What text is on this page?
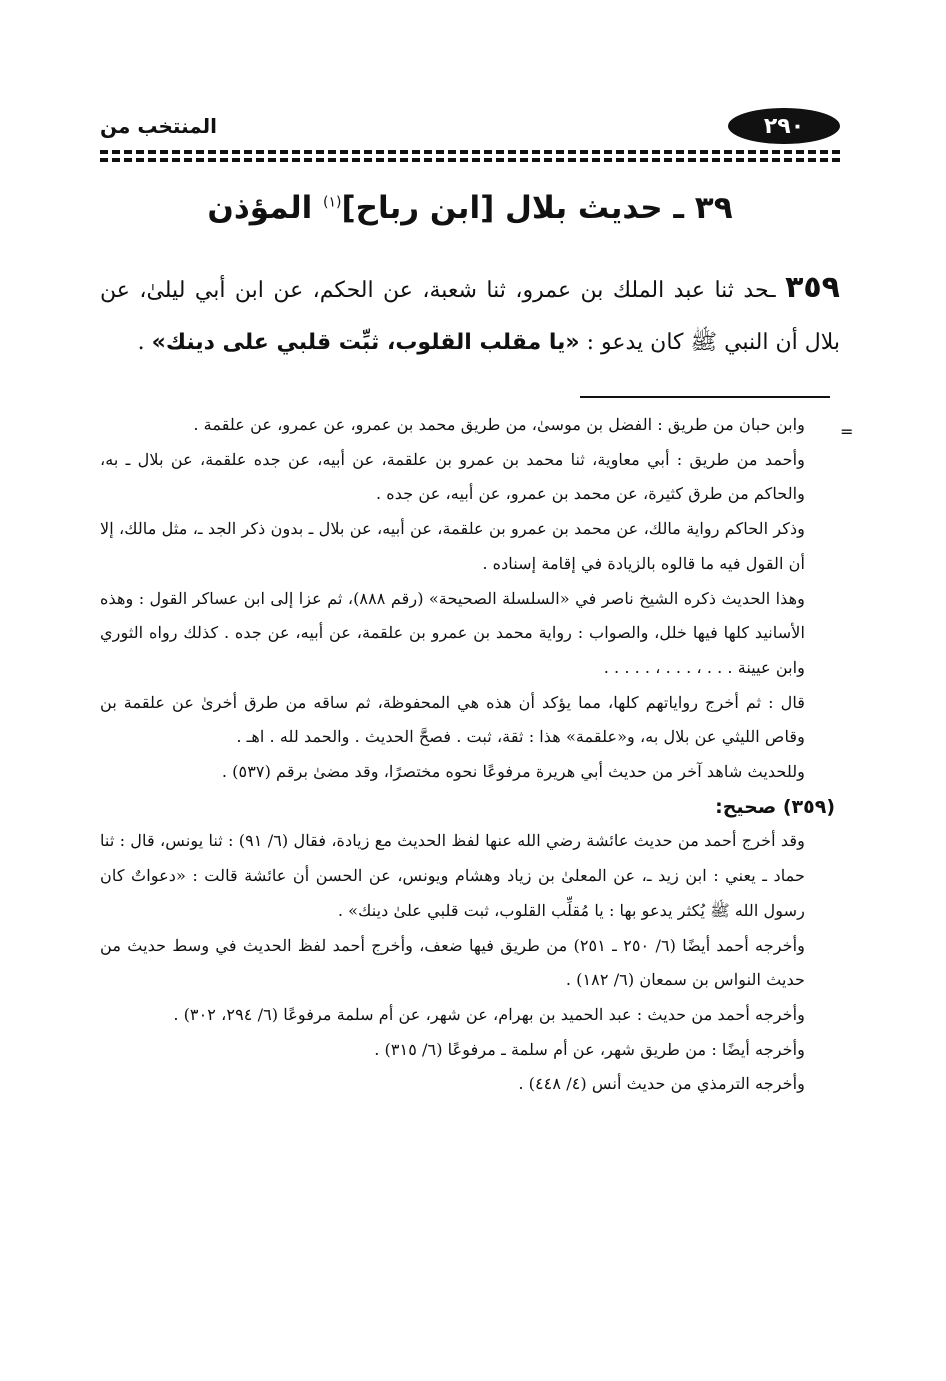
٢٩٠
المنتخب من
٣٩ ـ حديث بلال [ابن رباح]$^{(١)}$ المؤذن
٣٥٩ ـحد ثنا عبد الملك بن عمرو، ثنا شعبة، عن الحكم، عن ابن أبي ليلىٰ، عن بلال أن النبي ﷺ كان يدعو : «يا مقلب القلوب، ثبِّت قلبي على دينك» .
=
وابن حبان من طريق : الفضل بن موسىٰ، من طريق محمد بن عمرو، عن عمرو، عن علقمة .
وأحمد من طريق : أبي معاوية، ثنا محمد بن عمرو بن علقمة، عن أبيه، عن جده علقمة، عن بلال ـ به، والحاكم من طرق كثيرة، عن محمد بن عمرو، عن أبيه، عن جده .
وذكر الحاكم رواية مالك، عن محمد بن عمرو بن علقمة، عن أبيه، عن بلال ـ بدون ذكر الجد ـ، مثل مالك، إلا أن القول فيه ما قالوه بالزيادة في إقامة إسناده .
وهذا الحديث ذكره الشيخ ناصر في «السلسلة الصحيحة» (رقم ٨٨٨)، ثم عزا إلى ابن عساكر القول : وهذه الأسانيد كلها فيها خلل، والصواب : رواية محمد بن عمرو بن علقمة، عن أبيه، عن جده . كذلك رواه الثوري وابن عيينة . . . ، . . . ، . . . . .
قال : ثم أخرج رواياتهم كلها، مما يؤكد أن هذه هي المحفوظة، ثم ساقه من طرق أخرىٰ عن علقمة بن وقاص الليثي عن بلال به، و«علقمة» هذا : ثقة، ثبت . فصحَّ الحديث . والحمد لله . اهـ .
وللحديث شاهد آخر من حديث أبي هريرة مرفوعًا نحوه مختصرًا، وقد مضىٰ برقم (٥٣٧) .
(٣٥٩) صحيح:
وقد أخرج أحمد من حديث عائشة رضي الله عنها لفظ الحديث مع زيادة، فقال (٦/ ٩١) : ثنا يونس، قال : ثنا حماد ـ يعني : ابن زيد ـ، عن المعلىٰ بن زياد وهشام ويونس، عن الحسن أن عائشة قالت : «دعواتٌ كان رسول الله ﷺ يُكثر يدعو بها : يا مُقلِّب القلوب، ثبت قلبي علىٰ دينك» .
وأخرجه أحمد أيضًا (٦/ ٢٥٠ ـ ٢٥١) من طريق فيها ضعف، وأخرج أحمد لفظ الحديث في وسط حديث من حديث النواس بن سمعان (٦/ ١٨٢) .
وأخرجه أحمد من حديث : عبد الحميد بن بهرام، عن شهر، عن أم سلمة مرفوعًا (٦/ ٢٩٤، ٣٠٢) .
وأخرجه أيضًا : من طريق شهر، عن أم سلمة ـ مرفوعًا (٦/ ٣١٥) .
وأخرجه الترمذي من حديث أنس (٤/ ٤٤٨) .
